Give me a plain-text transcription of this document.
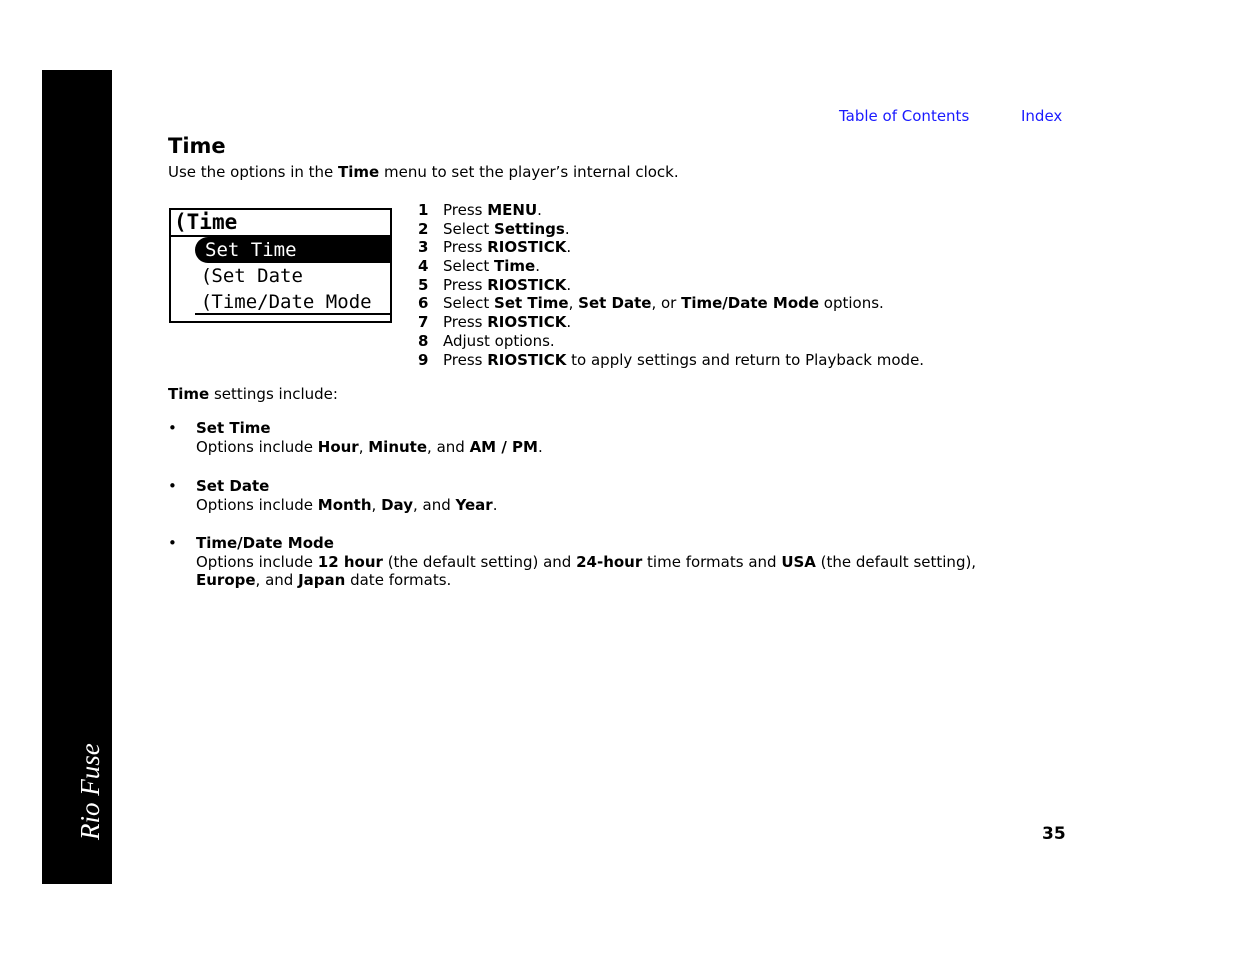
Rio Fuse
Table of Contents	Index
Time

Use the options in the Time menu to set the player’s internal clock.

(Time
Set Time
(Set Date
(Time/Date Mode
1 Press MENU.
2 Select Settings.
3 Press RIOSTICK.
4 Select Time.
5 Press RIOSTICK.
6 Select Set Time, Set Date, or Time/Date Mode options.
7 Press RIOSTICK.
8 Adjust options.
9 Press RIOSTICK to apply settings and return to Playback mode.

Time settings include:

• Set Time
Options include Hour, Minute, and AM / PM.
• Set Date
Options include Month, Day, and Year.
• Time/Date Mode
Options include 12 hour (the default setting) and 24-hour time formats and USA (the default setting),
Europe, and Japan date formats.
35
